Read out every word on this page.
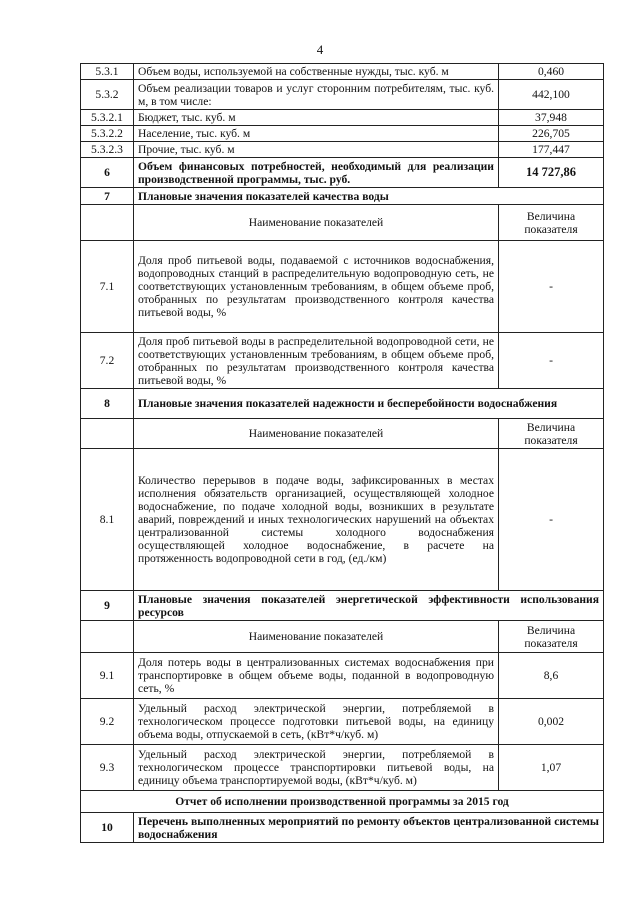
4
5.3.1	Объем воды, используемой на собственные нужды, тыс. куб. м	0,460
5.3.2	Объем реализации товаров и услуг сторонним потребителям, тыс. куб. м, в том числе:	442,100
5.3.2.1	Бюджет, тыс. куб. м	37,948
5.3.2.2	Население, тыс. куб. м	226,705
5.3.2.3	Прочие, тыс. куб. м	177,447
6	Объем финансовых потребностей, необходимый для реализации производственной программы, тыс. руб.	14 727,86
7	Плановые значения показателей качества воды	
	Наименование показателей	Величина показателя
7.1	Доля проб питьевой воды, подаваемой с источников водоснабжения, водопроводных станций в распределительную водопроводную сеть, не соответствующих установленным требованиям, в общем объеме проб, отобранных по результатам производственного контроля качества питьевой воды, %	-
7.2	Доля проб питьевой воды в распределительной водопроводной сети, не соответствующих установленным требованиям, в общем объеме проб, отобранных по результатам производственного контроля качества питьевой воды, %	-
8	Плановые значения показателей надежности и бесперебойности водоснабжения	
	Наименование показателей	Величина показателя
8.1	Количество перерывов в подаче воды, зафиксированных в местах исполнения обязательств организацией, осуществляющей холодное водоснабжение, по подаче холодной воды, возникших в результате аварий, повреждений и иных технологических нарушений на объектах централизованной системы холодного водоснабжения осуществляющей холодное водоснабжение, в расчете на протяженность водопроводной сети в год, (ед./км)	-
9	Плановые значения показателей энергетической эффективности использования ресурсов	
	Наименование показателей	Величина показателя
9.1	Доля потерь воды в централизованных системах водоснабжения при транспортировке в общем объеме воды, поданной в водопроводную сеть, %	8,6
9.2	Удельный расход электрической энергии, потребляемой в технологическом процессе подготовки питьевой воды, на единицу объема воды, отпускаемой в сеть, (кВт*ч/куб. м)	0,002
9.3	Удельный расход электрической энергии, потребляемой в технологическом процессе транспортировки питьевой воды, на единицу объема транспортируемой воды, (кВт*ч/куб. м)	1,07
Отчет об исполнении производственной программы за 2015 год		
10	Перечень выполненных мероприятий по ремонту объектов централизованной системы водоснабжения	
